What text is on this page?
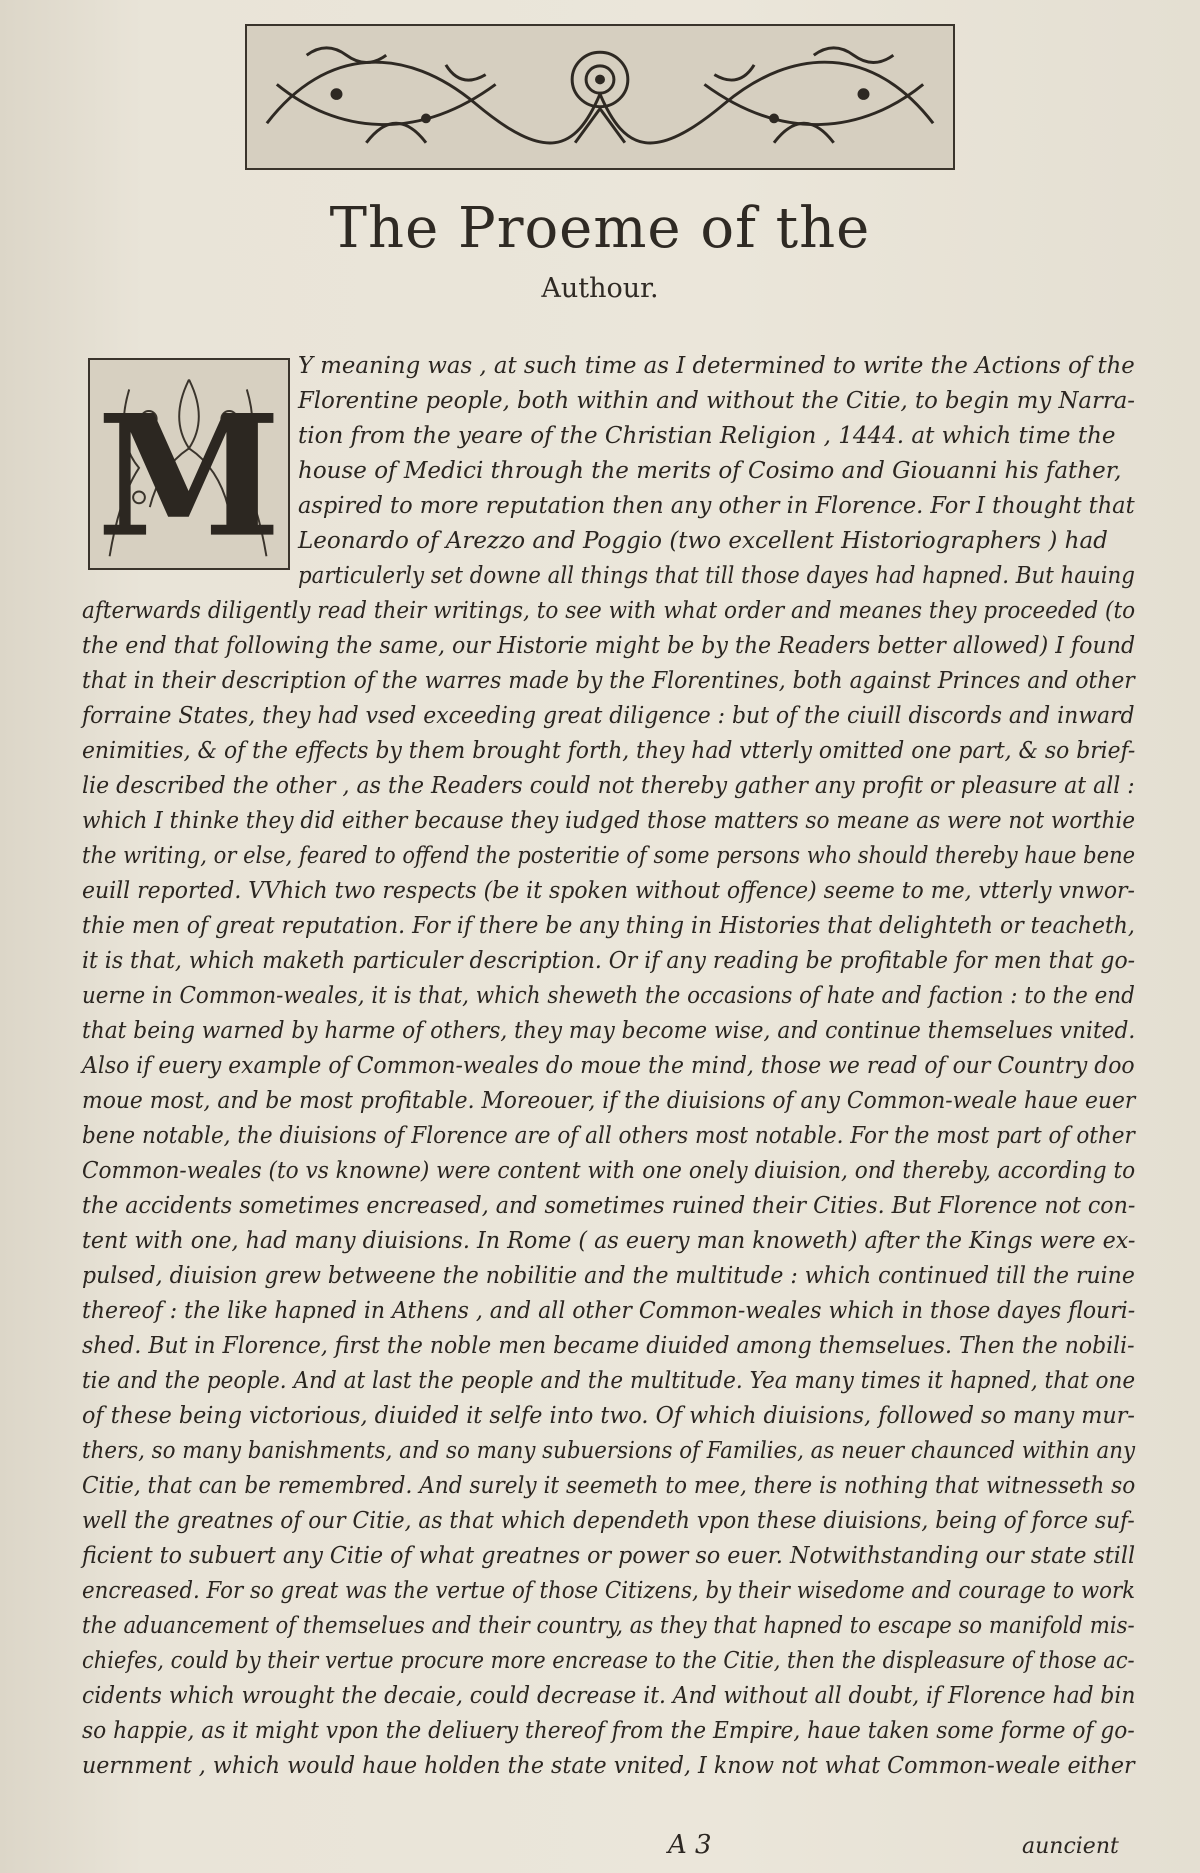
The Proeme of the
Authour.
M
Y meaning was , at such time as I determined to write the Actions of the
Florentine people, both within and without the Citie, to begin my Narra-
tion from the yeare of the Christian Religion , 1444. at which time the
house of Medici through the merits of Cosimo and Giouanni his father,
aspired to more reputation then any other in Florence. For I thought that
Leonardo of Arezzo and Poggio (two excellent Historiographers ) had
particulerly set downe all things that till those dayes had hapned. But hauing
afterwards diligently read their writings, to see with what order and meanes they proceeded (to
the end that following the same, our Historie might be by the Readers better allowed) I found
that in their description of the warres made by the Florentines, both against Princes and other
forraine States, they had vsed exceeding great diligence : but of the ciuill discords and inward
enimities, & of the effects by them brought forth, they had vtterly omitted one part, & so brief-
lie described the other , as the Readers could not thereby gather any profit or pleasure at all :
which I thinke they did either because they iudged those matters so meane as were not worthie
the writing, or else, feared to offend the posteritie of some persons who should thereby haue bene
euill reported. VVhich two respects (be it spoken without offence) seeme to me, vtterly vnwor-
thie men of great reputation. For if there be any thing in Histories that delighteth or teacheth,
it is that, which maketh particuler description. Or if any reading be profitable for men that go-
uerne in Common-weales, it is that, which sheweth the occasions of hate and faction : to the end
that being warned by harme of others, they may become wise, and continue themselues vnited.
Also if euery example of Common-weales do moue the mind, those we read of our Country doo
moue most, and be most profitable. Moreouer, if the diuisions of any Common-weale haue euer
bene notable, the diuisions of Florence are of all others most notable. For the most part of other
Common-weales (to vs knowne) were content with one onely diuision, ond thereby, according to
the accidents sometimes encreased, and sometimes ruined their Cities. But Florence not con-
tent with one, had many diuisions. In Rome ( as euery man knoweth) after the Kings were ex-
pulsed, diuision grew betweene the nobilitie and the multitude : which continued till the ruine
thereof : the like hapned in Athens , and all other Common-weales which in those dayes flouri-
shed. But in Florence, first the noble men became diuided among themselues. Then the nobili-
tie and the people. And at last the people and the multitude. Yea many times it hapned, that one
of these being victorious, diuided it selfe into two. Of which diuisions, followed so many mur-
thers, so many banishments, and so many subuersions of Families, as neuer chaunced within any
Citie, that can be remembred. And surely it seemeth to mee, there is nothing that witnesseth so
well the greatnes of our Citie, as that which dependeth vpon these diuisions, being of force suf-
ficient to subuert any Citie of what greatnes or power so euer. Notwithstanding our state still
encreased. For so great was the vertue of those Citizens, by their wisedome and courage to work
the aduancement of themselues and their country, as they that hapned to escape so manifold mis-
chiefes, could by their vertue procure more encrease to the Citie, then the displeasure of those ac-
cidents which wrought the decaie, could decrease it. And without all doubt, if Florence had bin
so happie, as it might vpon the deliuery thereof from the Empire, haue taken some forme of go-
uernment , which would haue holden the state vnited, I know not what Common-weale either
A 3	auncient
